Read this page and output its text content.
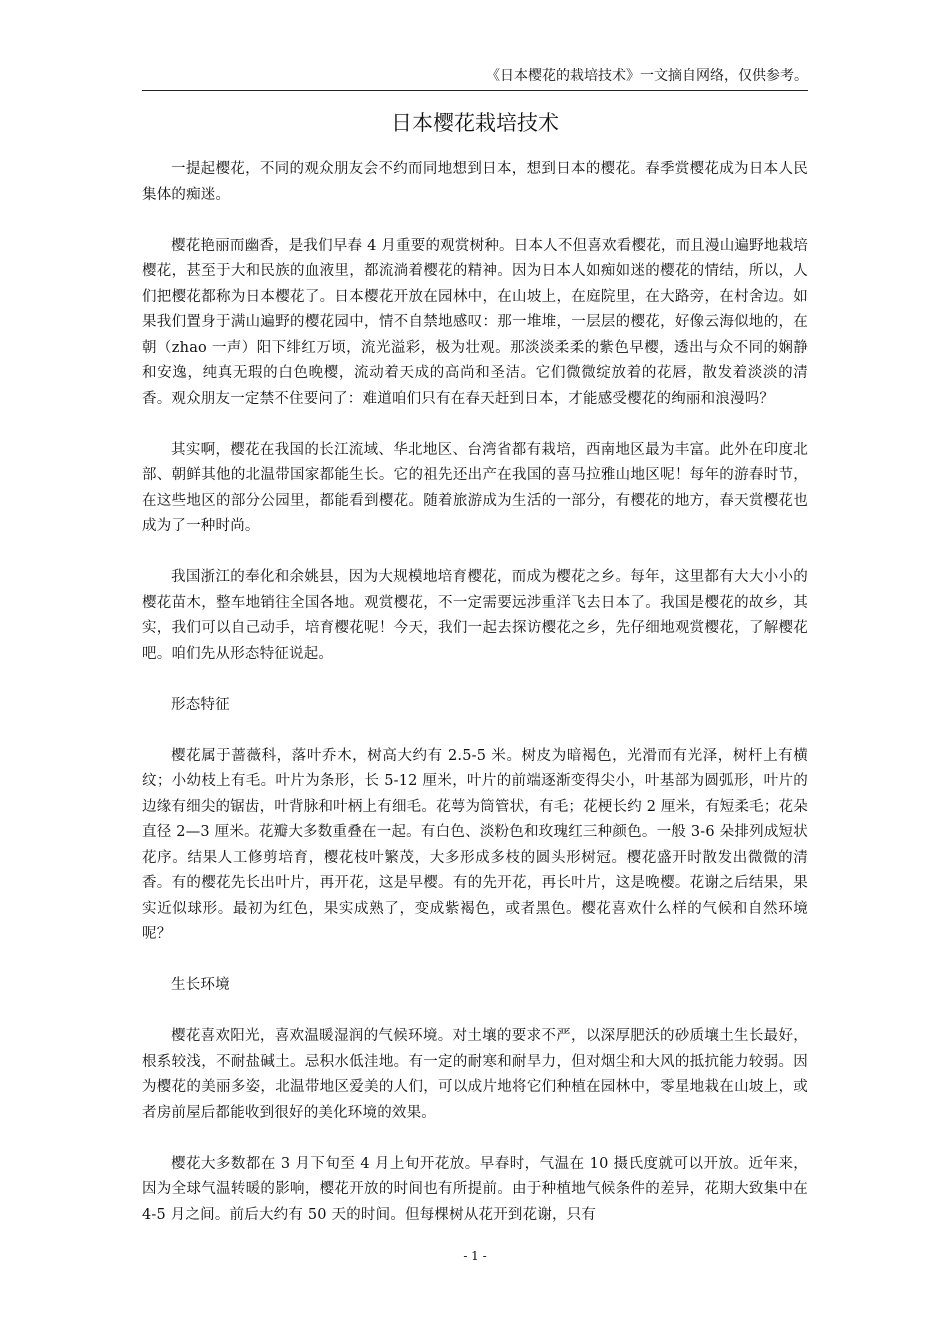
《日本樱花的栽培技术》一文摘自网络，仅供参考。
日本樱花栽培技术

一提起樱花，不同的观众朋友会不约而同地想到日本，想到日本的樱花。春季赏樱花成为日本人民集体的痴迷。

樱花艳丽而幽香，是我们早春 4 月重要的观赏树种。日本人不但喜欢看樱花，而且漫山遍野地栽培樱花，甚至于大和民族的血液里，都流淌着樱花的精神。因为日本人如痴如迷的樱花的情结，所以，人们把樱花都称为日本樱花了。日本樱花开放在园林中，在山坡上，在庭院里，在大路旁，在村舍边。如果我们置身于满山遍野的樱花园中，情不自禁地感叹：那一堆堆，一层层的樱花，好像云海似地的，在朝（zhao 一声）阳下绯红万顷，流光溢彩，极为壮观。那淡淡柔柔的紫色早樱，透出与众不同的娴静和安逸，纯真无瑕的白色晚樱，流动着天成的高尚和圣洁。它们微微绽放着的花唇，散发着淡淡的清香。观众朋友一定禁不住要问了：难道咱们只有在春天赶到日本，才能感受樱花的绚丽和浪漫吗？

其实啊，樱花在我国的长江流域、华北地区、台湾省都有栽培，西南地区最为丰富。此外在印度北部、朝鲜其他的北温带国家都能生长。它的祖先还出产在我国的喜马拉雅山地区呢！每年的游春时节，在这些地区的部分公园里，都能看到樱花。随着旅游成为生活的一部分，有樱花的地方，春天赏樱花也成为了一种时尚。

我国浙江的奉化和余姚县，因为大规模地培育樱花，而成为樱花之乡。每年，这里都有大大小小的樱花苗木，整车地销往全国各地。观赏樱花，不一定需要远涉重洋飞去日本了。我国是樱花的故乡，其实，我们可以自己动手，培育樱花呢！今天，我们一起去探访樱花之乡，先仔细地观赏樱花，了解樱花吧。咱们先从形态特征说起。

形态特征

樱花属于蔷薇科，落叶乔木，树高大约有 2.5-5 米。树皮为暗褐色，光滑而有光泽，树杆上有横纹；小幼枝上有毛。叶片为条形，长 5-12 厘米，叶片的前端逐渐变得尖小，叶基部为圆弧形，叶片的边缘有细尖的锯齿，叶背脉和叶柄上有细毛。花萼为筒管状，有毛；花梗长约 2 厘米，有短柔毛；花朵直径 2—3 厘米。花瓣大多数重叠在一起。有白色、淡粉色和玫瑰红三种颜色。一般 3-6 朵排列成短状花序。结果人工修剪培育，樱花枝叶繁茂，大多形成多枝的圆头形树冠。樱花盛开时散发出微微的清香。有的樱花先长出叶片，再开花，这是早樱。有的先开花，再长叶片，这是晚樱。花谢之后结果，果实近似球形。最初为红色，果实成熟了，变成紫褐色，或者黑色。樱花喜欢什么样的气候和自然环境呢？

生长环境

樱花喜欢阳光，喜欢温暖湿润的气候环境。对土壤的要求不严，以深厚肥沃的砂质壤土生长最好，根系较浅，不耐盐碱土。忌积水低洼地。有一定的耐寒和耐旱力，但对烟尘和大风的抵抗能力较弱。因为樱花的美丽多姿，北温带地区爱美的人们，可以成片地将它们种植在园林中，零星地栽在山坡上，或者房前屋后都能收到很好的美化环境的效果。

樱花大多数都在 3 月下旬至 4 月上旬开花放。早春时，气温在 10 摄氏度就可以开放。近年来，因为全球气温转暖的影响，樱花开放的时间也有所提前。由于种植地气候条件的差异，花期大致集中在 4-5 月之间。前后大约有 50 天的时间。但每棵树从花开到花谢，只有

- 1 -
